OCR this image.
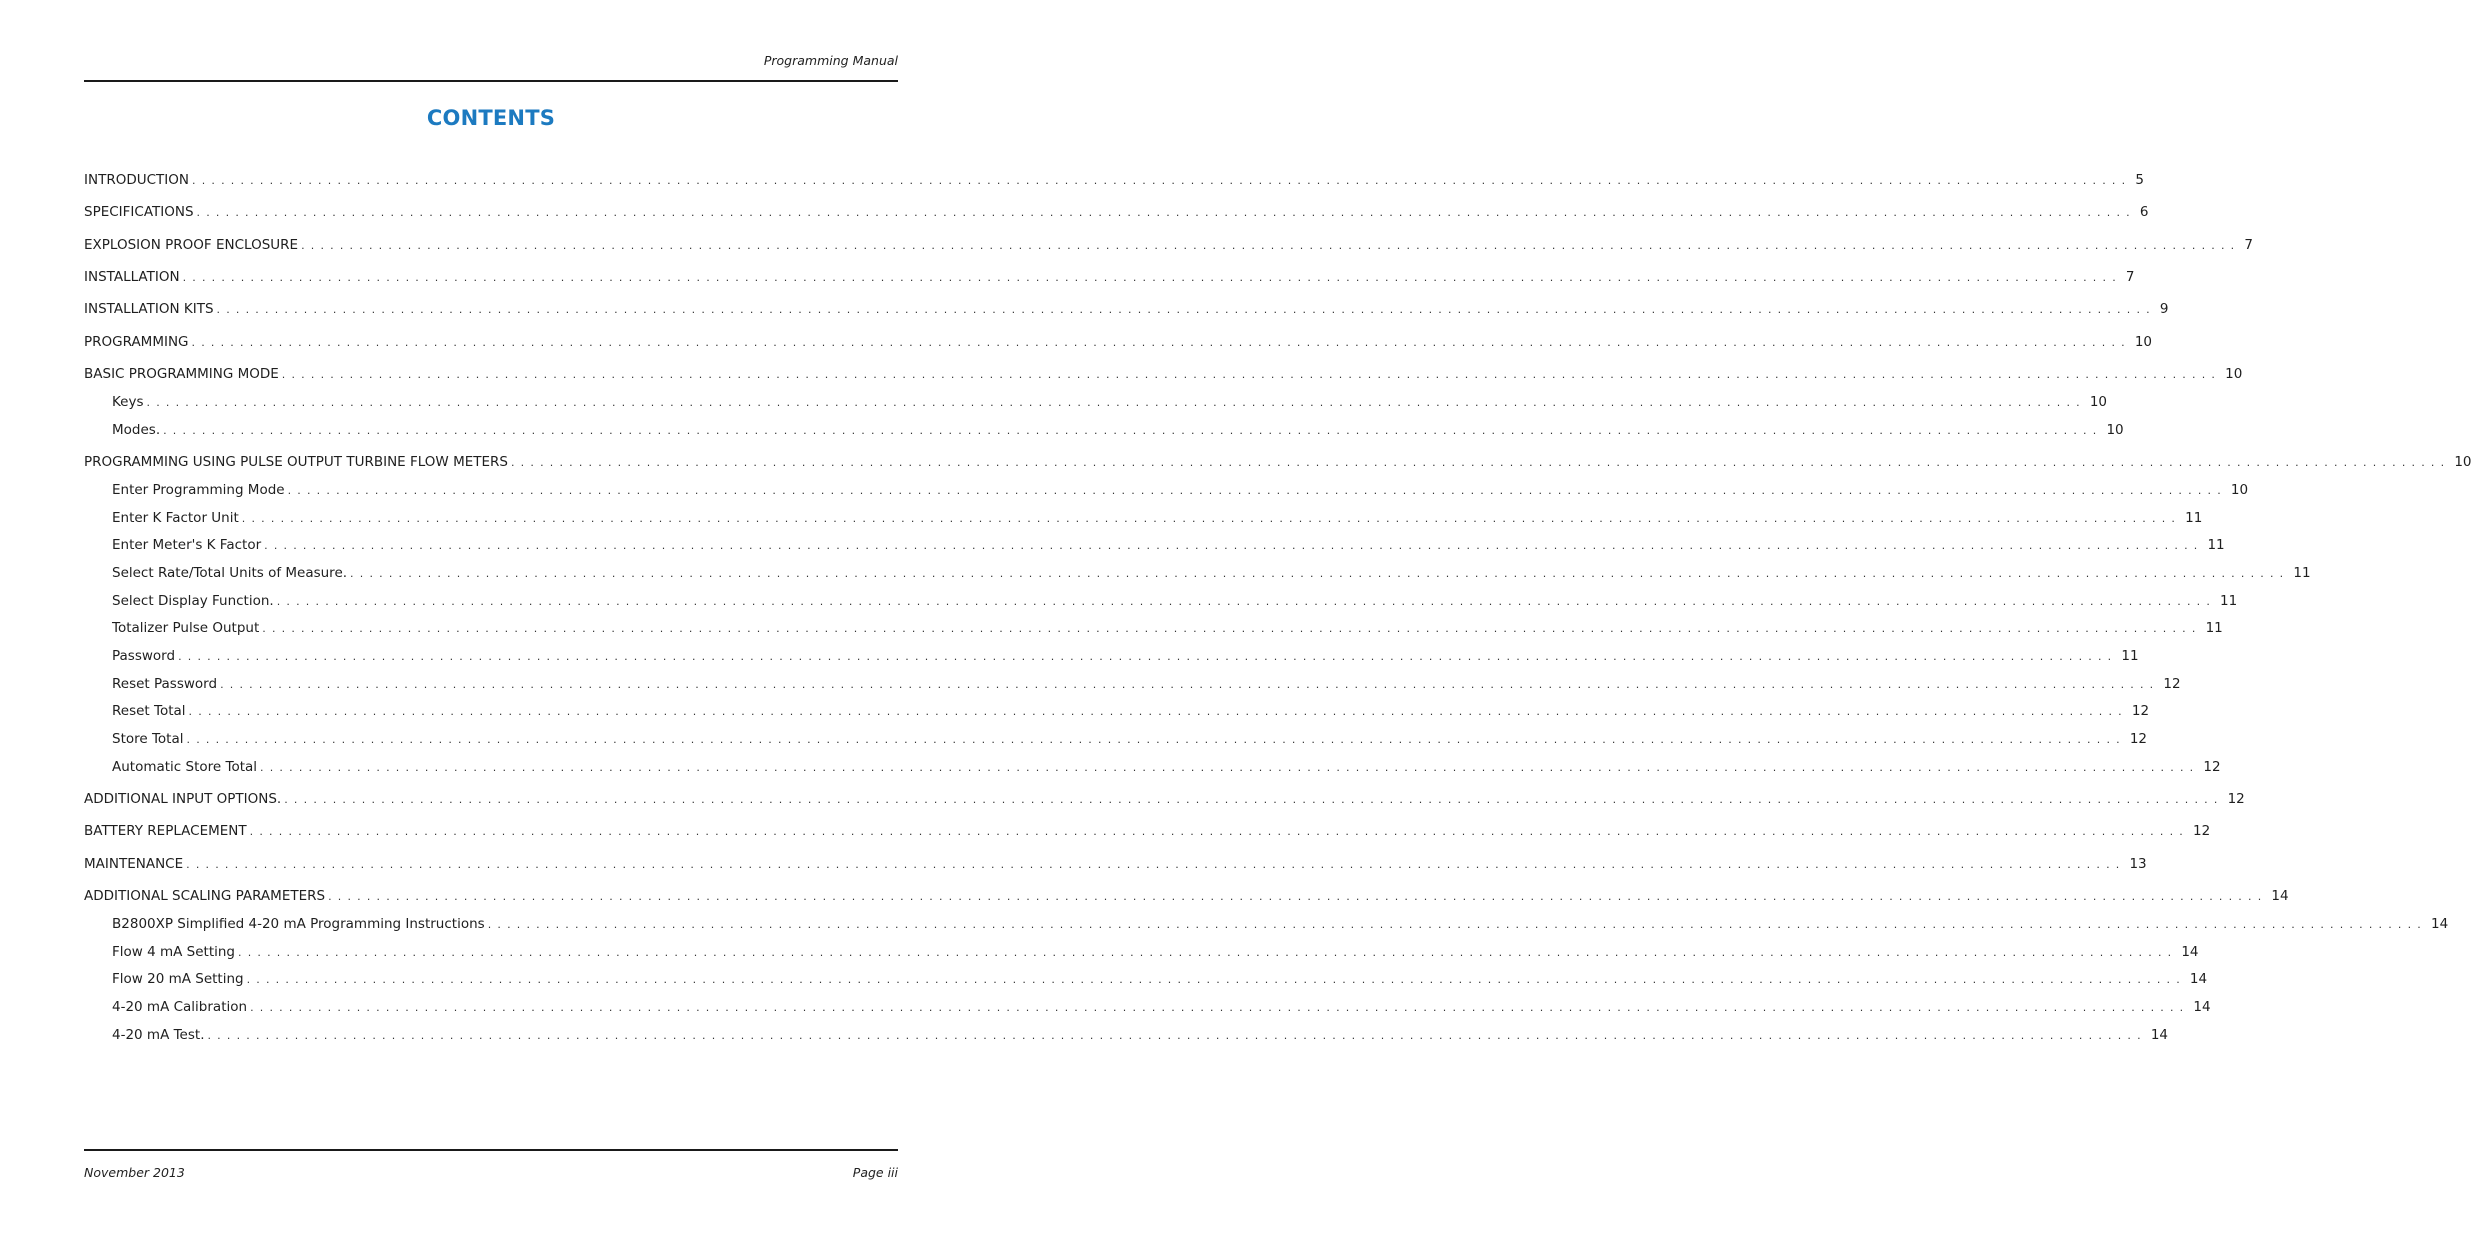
Programming Manual
CONTENTS
INTRODUCTION ........................................................................................................................................................................................................ 5
SPECIFICATIONS ........................................................................................................................................................................................................ 6
EXPLOSION PROOF ENCLOSURE ........................................................................................................................................................................................................ 7
INSTALLATION ........................................................................................................................................................................................................ 7
INSTALLATION KITS ........................................................................................................................................................................................................ 9
PROGRAMMING ........................................................................................................................................................................................................ 10
BASIC PROGRAMMING MODE ........................................................................................................................................................................................................ 10
Keys ........................................................................................................................................................................................................ 10
Modes. ........................................................................................................................................................................................................ 10
PROGRAMMING USING PULSE OUTPUT TURBINE FLOW METERS ........................................................................................................................................................................................................ 10
Enter Programming Mode ........................................................................................................................................................................................................ 10
Enter K Factor Unit ........................................................................................................................................................................................................ 11
Enter Meter's K Factor ........................................................................................................................................................................................................ 11
Select Rate/Total Units of Measure. ........................................................................................................................................................................................................ 11
Select Display Function. ........................................................................................................................................................................................................ 11
Totalizer Pulse Output ........................................................................................................................................................................................................ 11
Password ........................................................................................................................................................................................................ 11
Reset Password ........................................................................................................................................................................................................ 12
Reset Total ........................................................................................................................................................................................................ 12
Store Total ........................................................................................................................................................................................................ 12
Automatic Store Total ........................................................................................................................................................................................................ 12
ADDITIONAL INPUT OPTIONS. ........................................................................................................................................................................................................ 12
BATTERY REPLACEMENT ........................................................................................................................................................................................................ 12
MAINTENANCE ........................................................................................................................................................................................................ 13
ADDITIONAL SCALING PARAMETERS ........................................................................................................................................................................................................ 14
B2800XP Simplified 4-20 mA Programming Instructions ........................................................................................................................................................................................................ 14
Flow 4 mA Setting ........................................................................................................................................................................................................ 14
Flow 20 mA Setting ........................................................................................................................................................................................................ 14
4-20 mA Calibration ........................................................................................................................................................................................................ 14
4-20 mA Test. ........................................................................................................................................................................................................ 14
November 2013	Page iii
